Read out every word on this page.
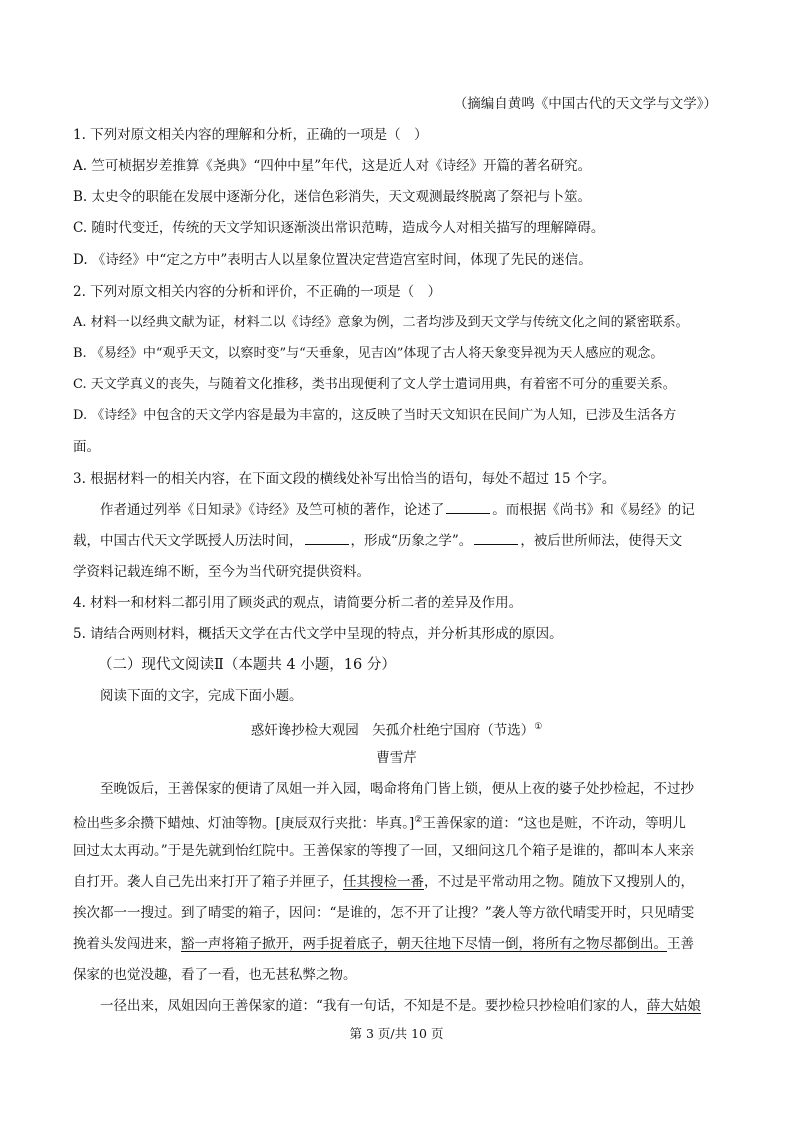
（摘编自黄鸣《中国古代的天文学与文学》）
1. 下列对原文相关内容的理解和分析，正确的一项是（　）
A. 竺可桢据岁差推算《尧典》“四仲中星”年代，这是近人对《诗经》开篇的著名研究。
B. 太史令的职能在发展中逐渐分化，迷信色彩消失，天文观测最终脱离了祭祀与卜筮。
C. 随时代变迁，传统的天文学知识逐渐淡出常识范畴，造成今人对相关描写的理解障碍。
D. 《诗经》中“定之方中”表明古人以星象位置决定营造宫室时间，体现了先民的迷信。
2. 下列对原文相关内容的分析和评价，不正确的一项是（　）
A. 材料一以经典文献为证，材料二以《诗经》意象为例，二者均涉及到天文学与传统文化之间的紧密联系。
B. 《易经》中“观乎天文，以察时变”与“天垂象，见吉凶”体现了古人将天象变异视为天人感应的观念。
C. 天文学真义的丧失，与随着文化推移，类书出现便利了文人学士遣词用典，有着密不可分的重要关系。
D. 《诗经》中包含的天文学内容是最为丰富的，这反映了当时天文知识在民间广为人知，已涉及生活各方
面。
3. 根据材料一的相关内容，在下面文段的横线处补写出恰当的语句，每处不超过 15 个字。
作者通过列举《日知录》《诗经》及竺可桢的著作，论述了	。而根据《尚书》和《易经》的记
载，中国古代天文学既授人历法时间，	，形成“历象之学”。	，被后世所师法，使得天文
学资料记载连绵不断，至今为当代研究提供资料。
4. 材料一和材料二都引用了顾炎武的观点，请简要分析二者的差异及作用。
5. 请结合两则材料，概括天文学在古代文学中呈现的特点，并分析其形成的原因。
（二）现代文阅读Ⅱ（本题共 4 小题，16 分）
阅读下面的文字，完成下面小题。
惑奸谗抄检大观园　矢孤介杜绝宁国府（节选）①
曹雪芹
至晚饭后，王善保家的便请了凤姐一并入园，喝命将角门皆上锁，便从上夜的婆子处抄检起，不过抄
检出些多余攒下蜡烛、灯油等物。[庚辰双行夹批：毕真。]②王善保家的道：“这也是赃，不许动，等明儿
回过太太再动。”于是先就到怡红院中。王善保家的等搜了一回，又细问这几个箱子是谁的，都叫本人来亲
自打开。袭人自己先出来打开了箱子并匣子，任其搜检一番，不过是平常动用之物。随放下又搜别人的，
挨次都一一搜过。到了晴雯的箱子，因问：“是谁的，怎不开了让搜？”袭人等方欲代晴雯开时，只见晴雯
挽着头发闯进来，豁一声将箱子掀开，两手捉着底子，朝天往地下尽情一倒，将所有之物尽都倒出。王善
保家的也觉没趣，看了一看，也无甚私弊之物。
一径出来，凤姐因向王善保家的道：“我有一句话，不知是不是。要抄检只抄检咱们家的人，薛大姑娘
第 3 页/共 10 页
